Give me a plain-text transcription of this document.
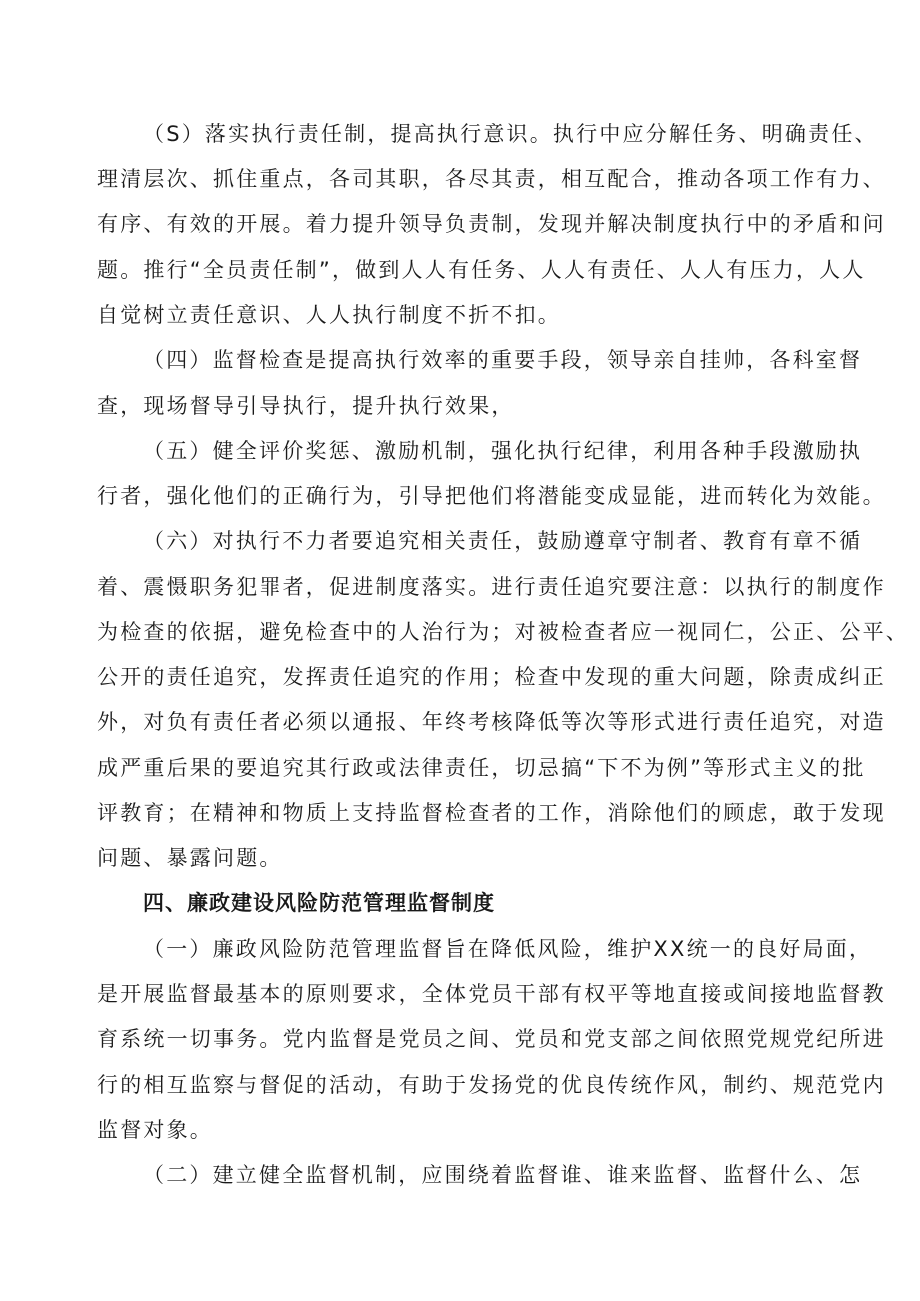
（S）落实执行责任制，提高执行意识。执行中应分解任务、明确责任、
理清层次、抓住重点，各司其职，各尽其责，相互配合，推动各项工作有力、
有序、有效的开展。着力提升领导负责制，发现并解决制度执行中的矛盾和问
题。推行“全员责任制”，做到人人有任务、人人有责任、人人有压力，人人
自觉树立责任意识、人人执行制度不折不扣。
（四）监督检查是提高执行效率的重要手段，领导亲自挂帅，各科室督
查，现场督导引导执行，提升执行效果，
（五）健全评价奖惩、激励机制，强化执行纪律，利用各种手段激励执
行者，强化他们的正确行为，引导把他们将潜能变成显能，进而转化为效能。
（六）对执行不力者要追究相关责任，鼓励遵章守制者、教育有章不循
着、震慑职务犯罪者，促进制度落实。进行责任追究要注意：以执行的制度作
为检查的依据，避免检查中的人治行为；对被检查者应一视同仁，公正、公平、
公开的责任追究，发挥责任追究的作用；检查中发现的重大问题，除责成纠正
外，对负有责任者必须以通报、年终考核降低等次等形式进行责任追究，对造
成严重后果的要追究其行政或法律责任，切忌搞“下不为例”等形式主义的批
评教育；在精神和物质上支持监督检查者的工作，消除他们的顾虑，敢于发现
问题、暴露问题。
四、廉政建设风险防范管理监督制度
（一）廉政风险防范管理监督旨在降低风险，维护XX统一的良好局面，
是开展监督最基本的原则要求，全体党员干部有权平等地直接或间接地监督教
育系统一切事务。党内监督是党员之间、党员和党支部之间依照党规党纪所进
行的相互监察与督促的活动，有助于发扬党的优良传统作风，制约、规范党内
监督对象。
（二）建立健全监督机制，应围绕着监督谁、谁来监督、监督什么、怎
